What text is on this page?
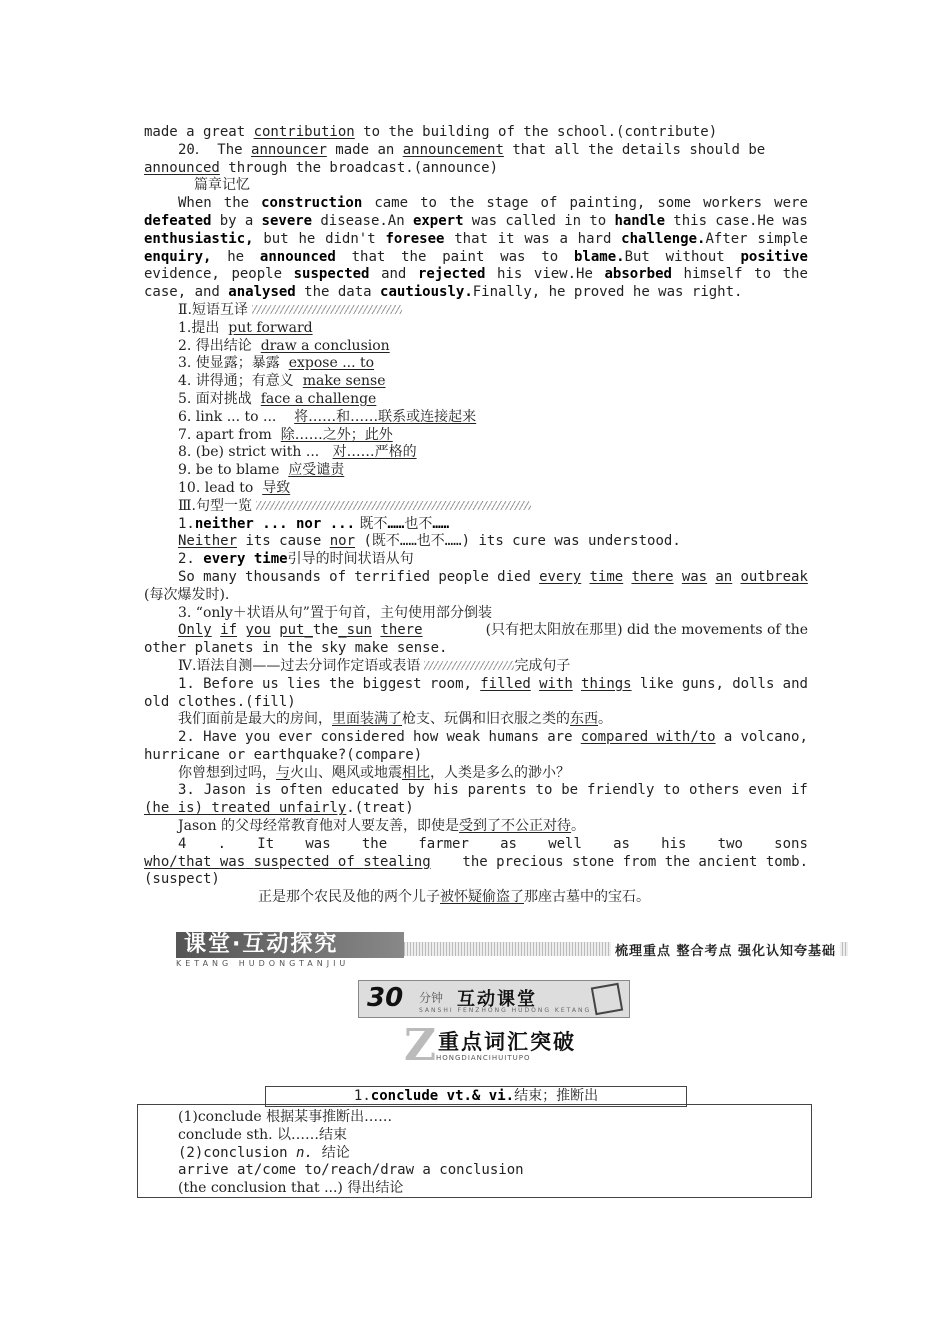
made a great contribution to the building of the school.(contribute)
20． The announcer made an announcement that all the details should be
announced through the broadcast.(announce)
篇章记忆
When the construction came to the stage of painting, some workers were
defeated by a severe disease.An expert was called in to handle this case.He was
enthusiastic, but he didn't foresee that it was a hard challenge.After simple
enquiry, he announced that the paint was to blame.But without positive
evidence, people suspected and rejected his view.He absorbed himself to the
case, and analysed the data cautiously.Finally, he proved he was right.
Ⅱ.短语互译
1.提出  put forward
2. 得出结论  draw a conclusion
3. 使显露；暴露  expose ... to
4. 讲得通；有意义  make sense
5. 面对挑战  face a challenge
6. link ... to ...    将……和……联系或连接起来
7. apart from  除……之外；此外
8. (be) strict with ...   对……严格的
9. be to blame  应受谴责
10. lead to  导致
Ⅲ.句型一览
1.neither ... nor ... 既不……也不……
Neither its cause nor (既不……也不……) its cure was understood.
2. every time引导的时间状语从句
So many thousands of terrified people died every time there was an outbreak
(每次爆发时).
3. “only＋状语从句”置于句首，主句使用部分倒装
Only if you put_the_sun there	(只有把太阳放在那里) did the movements of the
other planets in the sky make sense.
Ⅳ.语法自测——过去分词作定语或表语	完成句子
1. Before us lies the biggest room, filled with things like guns, dolls and
old clothes.(fill)
我们面前是最大的房间，里面装满了枪支、玩偶和旧衣服之类的东西。
2. Have you ever considered how weak humans are compared with/to a volcano,
hurricane or earthquake?(compare)
你曾想到过吗，与火山、飓风或地震相比，人类是多么的渺小？
3. Jason is often educated by his parents to be friendly to others even if
(he is) treated unfairly.(treat)
Jason 的父母经常教育他对人要友善，即使是受到了不公正对待。
4 . It was the farmer as well as his two sons
who/that was suspected of stealing the precious stone from the ancient tomb.
(suspect)
正是那个农民及他的两个儿子被怀疑偷盗了那座古墓中的宝石。
课堂·互动探究
KETANG HUDONGTANJIU
梳理重点 整合考点 强化认知夸基础
30 分钟 互动课堂
SANSHI FENZHONG HUDONG KETANG
Z 重点词汇突破
HONGDIANCIHUITUPO
1.conclude vt.& vi.结束；推断出
(1)conclude 根据某事推断出……
conclude sth. 以……结束
(2)conclusion n.  结论
arrive at/come to/reach/draw a conclusion
(the conclusion that ...) 得出结论
